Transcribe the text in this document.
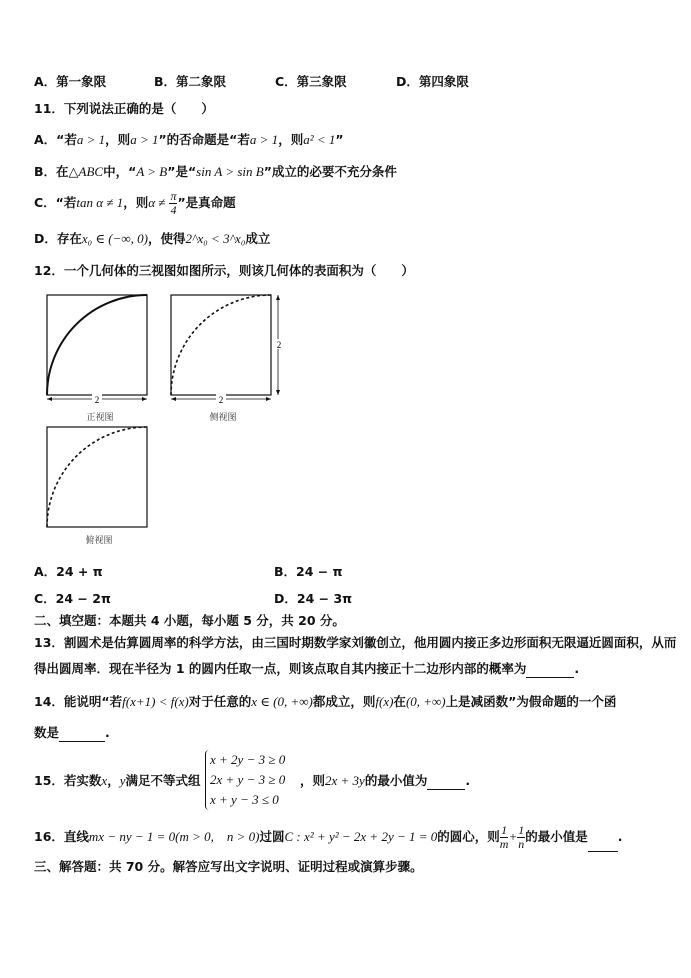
A．第一象限	B．第二象限	C．第三象限	D．第四象限
11．下列说法正确的是（　　）
A．“若a > 1，则a > 1”的否命题是“若a > 1，则a² < 1”
B．在△ABC中，“A > B”是“sin A > sin B”成立的必要不充分条件
C．“若tan α ≠ 1，则$\alpha \ne \frac{\pi}{4}$ ”是真命题
D．存在x₀ ∈ (−∞, 0)，使得2^x₀ < 3^x₀成立
12．一个几何体的三视图如图所示，则该几何体的表面积为（　　）
2
正视图
2
2
侧视图
俯视图
A．24 + π	B．24 − π
C．24 − 2π	D．24 − 3π
二、填空题：本题共 4 小题，每小题 5 分，共 20 分。
13．割圆术是估算圆周率的科学方法，由三国时期数学家刘徽创立，他用圆内接正多边形面积无限逼近圆面积，从而
得出圆周率．现在半径为 1 的圆内任取一点，则该点取自其内接正十二边形内部的概率为	.
14．能说明“若f(x+1) < f(x)对于任意的x ∈ (0, +∞)都成立，则f(x)在(0, +∞)上是减函数”为假命题的一个函
数是	.
15．若实数x，y满足不等式组
x + 2y − 3 ≥ 0
2x + y − 3 ≥ 0
x + y − 3 ≤ 0
，则2x + 3y的最小值为	.
16．直线mx − ny − 1 = 0(m > 0,　n > 0)过圆C : x² + y² − 2x + 2y − 1 = 0的圆心，则 $\frac{1}{m} + \frac{1}{n}$ 的最小值是 .
三、解答题：共 70 分。解答应写出文字说明、证明过程或演算步骤。
